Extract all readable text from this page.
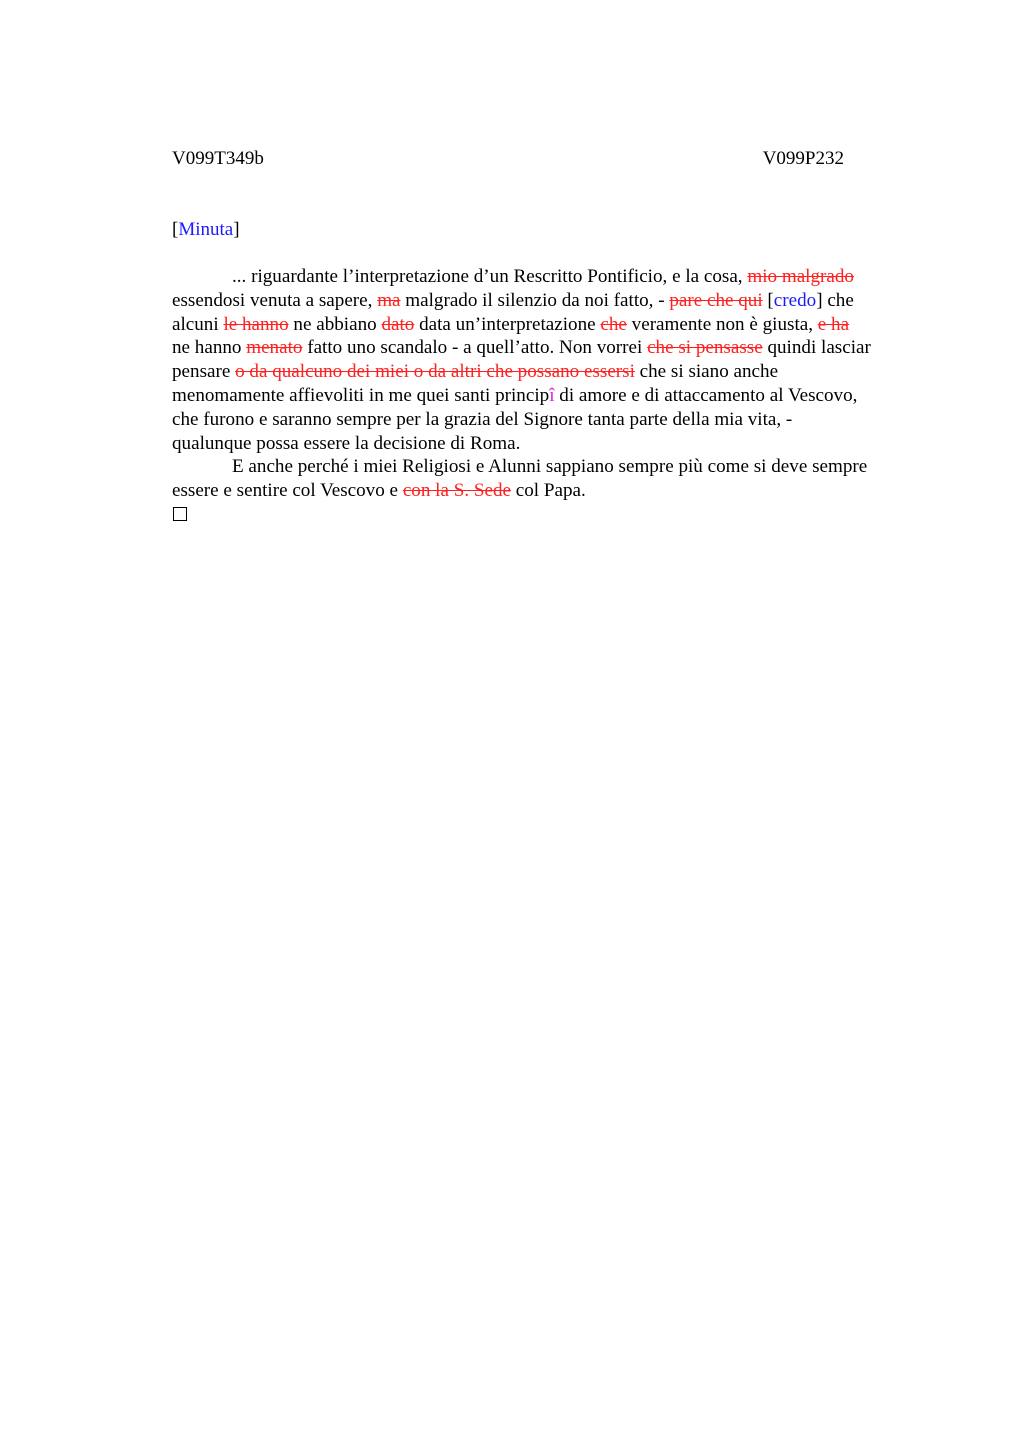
V099T349b	V099P232
[Minuta]
... riguardante l’interpretazione d’un Rescritto Pontificio, e la cosa, mio malgrado
essendosi venuta a sapere, ma malgrado il silenzio da noi fatto, - pare che qui [credo] che
alcuni le hanno ne abbiano dato data un’interpretazione che veramente non è giusta, e ha
ne hanno menato fatto uno scandalo - a quell’atto. Non vorrei che si pensasse quindi lasciar
pensare o da qualcuno dei miei o da altri che possano essersi che si siano anche
menomamente affievoliti in me quei santi principî di amore e di attaccamento al Vescovo,
che furono e saranno sempre per la grazia del Signore tanta parte della mia vita, -
qualunque possa essere la decisione di Roma.
E anche perché i miei Religiosi e Alunni sappiano sempre più come si deve sempre
essere e sentire col Vescovo e con la S. Sede col Papa.
